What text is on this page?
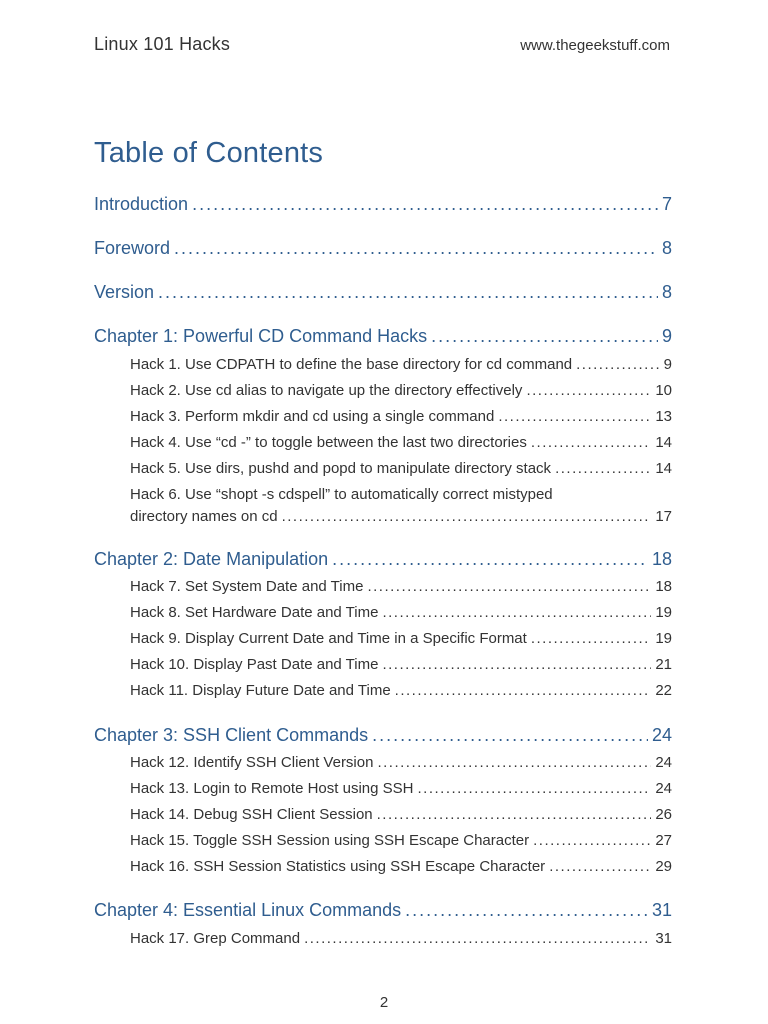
Linux 101 Hacks	www.thegeekstuff.com
Table of Contents
Introduction .....	7
Foreword .....	8
Version .....	8
Chapter 1: Powerful CD Command Hacks .....	9
Hack 1. Use CDPATH to define the base directory for cd command .....	9
Hack 2. Use cd alias to navigate up the directory effectively .....	10
Hack 3. Perform mkdir and cd using a single command .....	13
Hack 4. Use “cd -” to toggle between the last two directories .....	14
Hack 5. Use dirs, pushd and popd to manipulate directory stack .....	14
Hack 6. Use “shopt -s cdspell” to automatically correct mistyped
directory names on cd .....	17
Chapter 2: Date Manipulation .....	18
Hack 7. Set System Date and Time .....	18
Hack 8. Set Hardware Date and Time .....	19
Hack 9. Display Current Date and Time in a Specific Format .....	19
Hack 10. Display Past Date and Time .....	21
Hack 11. Display Future Date and Time .....	22
Chapter 3: SSH Client Commands .....	24
Hack 12. Identify SSH Client Version .....	24
Hack 13. Login to Remote Host using SSH .....	24
Hack 14. Debug SSH Client Session .....	26
Hack 15. Toggle SSH Session using SSH Escape Character .....	27
Hack 16. SSH Session Statistics using SSH Escape Character .....	29
Chapter 4: Essential Linux Commands .....	31
Hack 17. Grep Command .....	31
2
